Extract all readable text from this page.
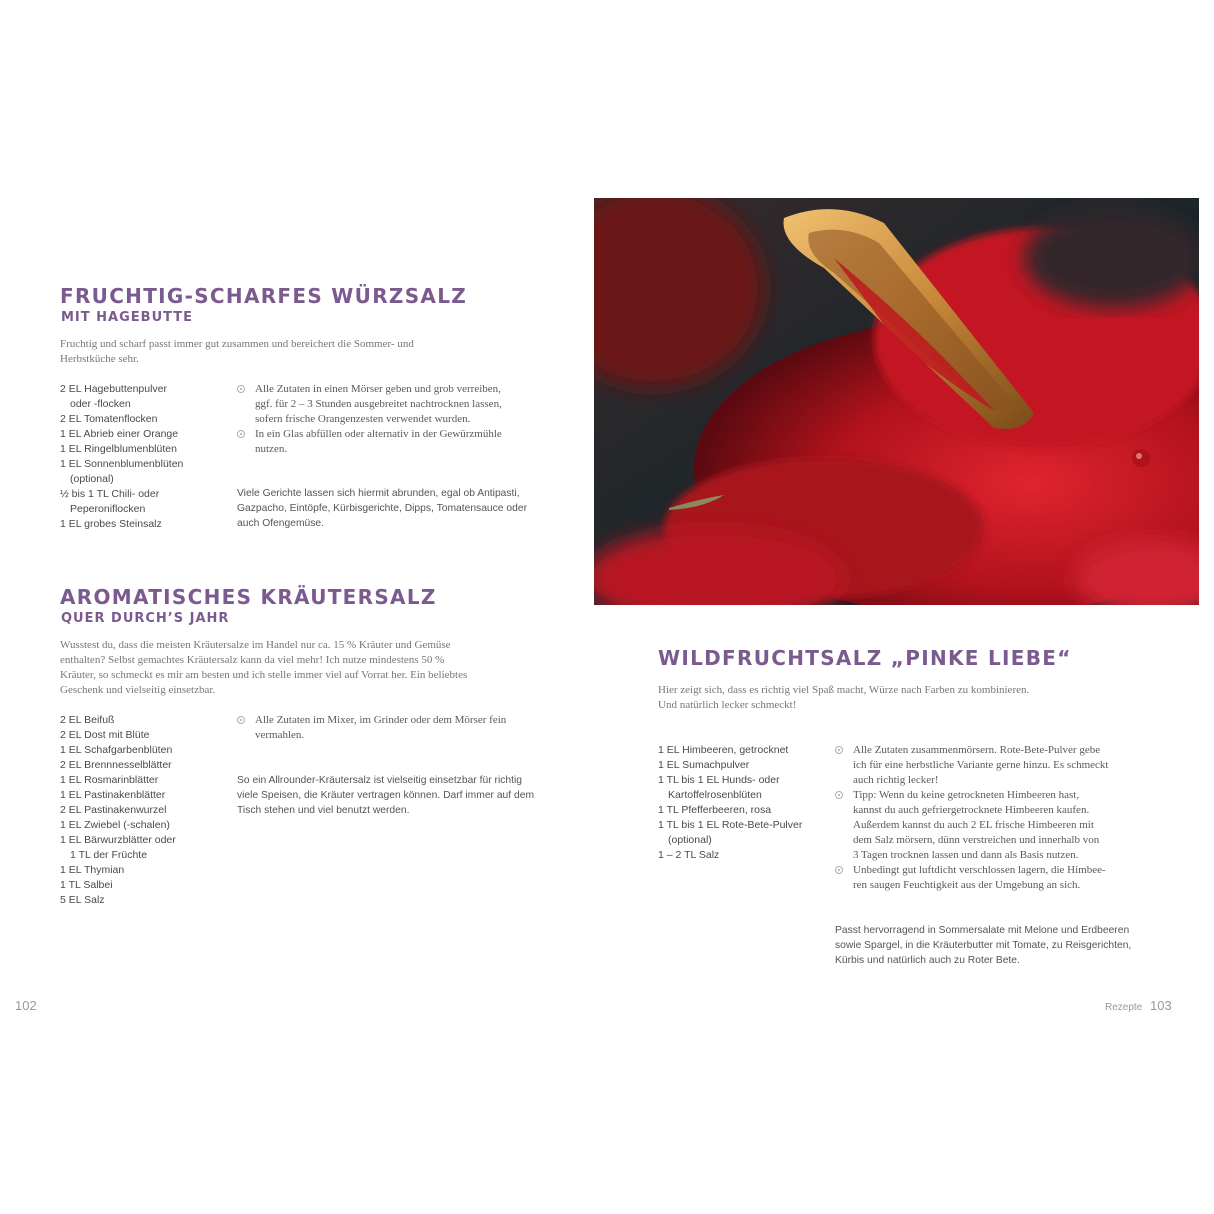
FRUCHTIG-SCHARFES WÜRZSALZ
MIT HAGEBUTTE
Fruchtig und scharf passt immer gut zusammen und bereichert die Sommer- und
Herbstküche sehr.
2 EL Hagebuttenpulver
oder -flocken
2 EL Tomatenflocken
1 EL Abrieb einer Orange
1 EL Ringelblumenblüten
1 EL Sonnenblumenblüten
(optional)
½ bis 1 TL Chili- oder
Peperoniflocken
1 EL grobes Steinsalz
Alle Zutaten in einen Mörser geben und grob verreiben,
ggf. für 2 – 3 Stunden ausgebreitet nachtrocknen lassen,
sofern frische Orangenzesten verwendet wurden.
In ein Glas abfüllen oder alternativ in der Gewürzmühle
nutzen.
Viele Gerichte lassen sich hiermit abrunden, egal ob Antipasti,
Gazpacho, Eintöpfe, Kürbisgerichte, Dipps, Tomatensauce oder
auch Ofengemüse.
AROMATISCHES KRÄUTERSALZ
QUER DURCH’S JAHR
Wusstest du, dass die meisten Kräutersalze im Handel nur ca. 15 % Kräuter und Gemüse
enthalten? Selbst gemachtes Kräutersalz kann da viel mehr! Ich nutze mindestens 50 %
Kräuter, so schmeckt es mir am besten und ich stelle immer viel auf Vorrat her. Ein beliebtes
Geschenk und vielseitig einsetzbar.
2 EL Beifuß
2 EL Dost mit Blüte
1 EL Schafgarbenblüten
2 EL Brennnesselblätter
1 EL Rosmarinblätter
1 EL Pastinakenblätter
2 EL Pastinakenwurzel
1 EL Zwiebel (-schalen)
1 EL Bärwurzblätter oder
1 TL der Früchte
1 EL Thymian
1 TL Salbei
5 EL Salz
Alle Zutaten im Mixer, im Grinder oder dem Mörser fein
vermahlen.
So ein Allrounder-Kräutersalz ist vielseitig einsetzbar für richtig
viele Speisen, die Kräuter vertragen können. Darf immer auf dem
Tisch stehen und viel benutzt werden.
WILDFRUCHTSALZ „PINKE LIEBE“
Hier zeigt sich, dass es richtig viel Spaß macht, Würze nach Farben zu kombinieren.
Und natürlich lecker schmeckt!
1 EL Himbeeren, getrocknet
1 EL Sumachpulver
1 TL bis 1 EL Hunds- oder
Kartoffelrosenblüten
1 TL Pfefferbeeren, rosa
1 TL bis 1 EL Rote-Bete-Pulver
(optional)
1 – 2 TL Salz
Alle Zutaten zusammenmörsern. Rote-Bete-Pulver gebe
ich für eine herbstliche Variante gerne hinzu. Es schmeckt
auch richtig lecker!
Tipp: Wenn du keine getrockneten Himbeeren hast,
kannst du auch gefriergetrocknete Himbeeren kaufen.
Außerdem kannst du auch 2 EL frische Himbeeren mit
dem Salz mörsern, dünn verstreichen und innerhalb von
3 Tagen trocknen lassen und dann als Basis nutzen.
Unbedingt gut luftdicht verschlossen lagern, die Himbee-
ren saugen Feuchtigkeit aus der Umgebung an sich.
Passt hervorragend in Sommersalate mit Melone und Erdbeeren
sowie Spargel, in die Kräuterbutter mit Tomate, zu Reisgerichten,
Kürbis und natürlich auch zu Roter Bete.
102	Rezepte 103
